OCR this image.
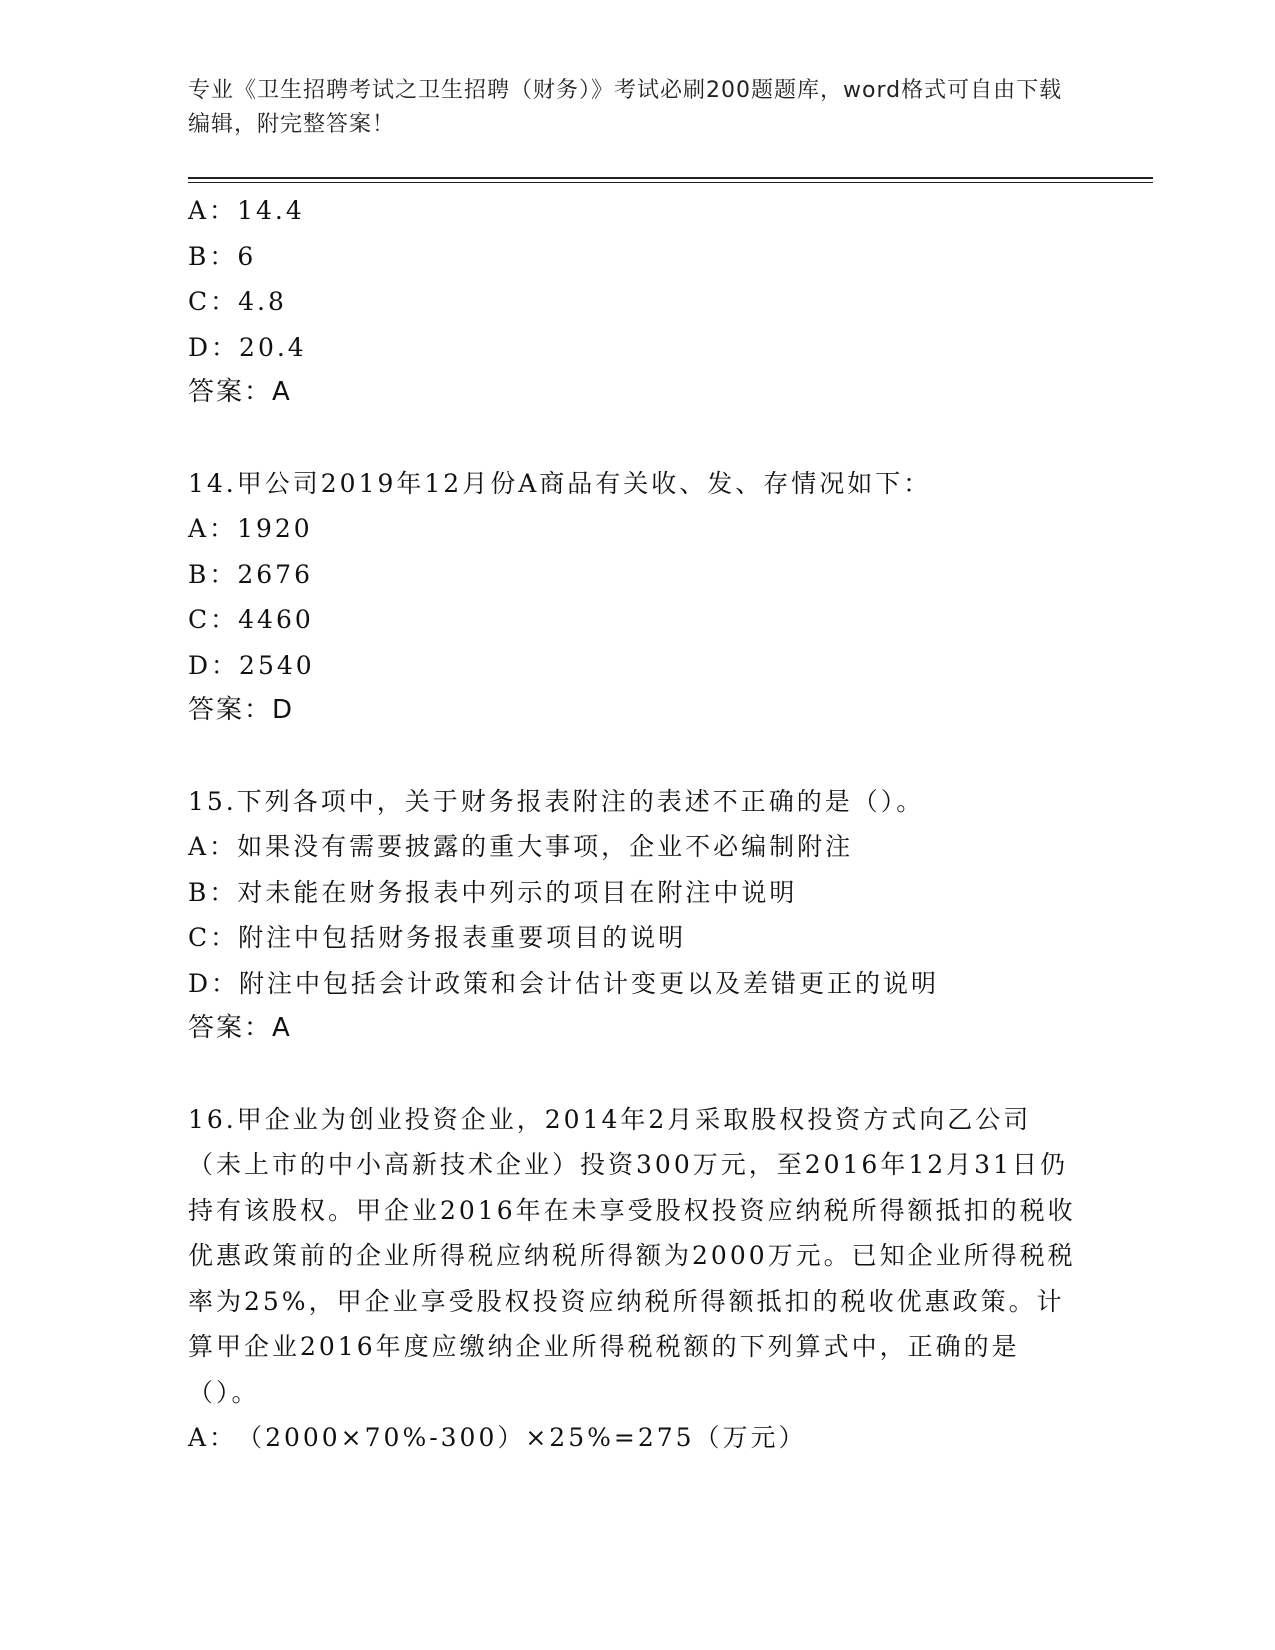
专业《卫生招聘考试之卫生招聘（财务）》考试必刷200题题库，word格式可自由下载编辑，附完整答案！
A：14.4
B：6
C：4.8
D：20.4
答案：A
14.甲公司2019年12月份A商品有关收、发、存情况如下：
A：1920
B：2676
C：4460
D：2540
答案：D
15.下列各项中，关于财务报表附注的表述不正确的是（）。
A：如果没有需要披露的重大事项，企业不必编制附注
B：对未能在财务报表中列示的项目在附注中说明
C：附注中包括财务报表重要项目的说明
D：附注中包括会计政策和会计估计变更以及差错更正的说明
答案：A
16.甲企业为创业投资企业，2014年2月采取股权投资方式向乙公司（未上市的中小高新技术企业）投资300万元，至2016年12月31日仍持有该股权。甲企业2016年在未享受股权投资应纳税所得额抵扣的税收优惠政策前的企业所得税应纳税所得额为2000万元。已知企业所得税税率为25%，甲企业享受股权投资应纳税所得额抵扣的税收优惠政策。计算甲企业2016年度应缴纳企业所得税税额的下列算式中，正确的是（）。
A：（2000×70%-300）×25%=275（万元）
